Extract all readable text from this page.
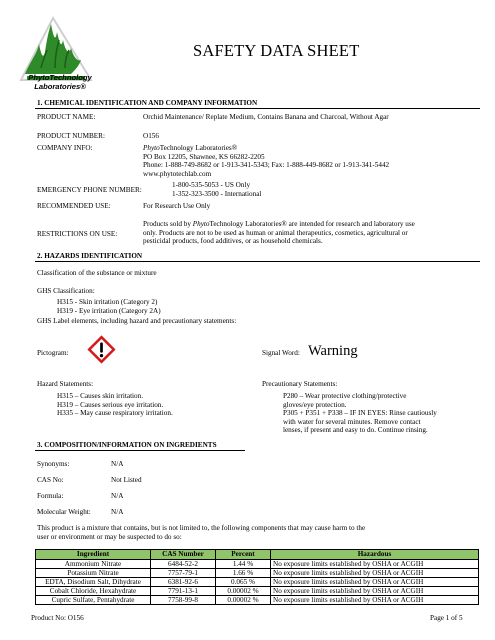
PhytoTechnology
Laboratories®
SAFETY DATA SHEET
1. CHEMICAL IDENTIFICATION AND COMPANY INFORMATION
PRODUCT NAME:	Orchid Maintenance/ Replate Medium, Contains Banana and Charcoal, Without Agar
PRODUCT NUMBER:	O156
COMPANY INFO:	PhytoTechnology Laboratories®
PO Box 12205, Shawnee, KS 66282-2205
Phone: 1-888-749-8682 or 1-913-341-5343; Fax: 1-888-449-8682 or 1-913-341-5442
www.phytotechlab.com
EMERGENCY PHONE NUMBER:
1-800-535-5053 - US Only
1-352-323-3500 - International
RECOMMENDED USE:	For Research Use Only
RESTRICTIONS ON USE:
Products sold by PhytoTechnology Laboratories® are intended for research and laboratory use
only. Products are not to be used as human or animal therapeutics, cosmetics, agricultural or
pesticidal products, food additives, or as household chemicals.
2. HAZARDS IDENTIFICATION
Classification of the substance or mixture
GHS Classification:
H315 - Skin irritation (Category 2)
H319 - Eye irritation (Category 2A)
GHS Label elements, including hazard and precautionary statements:
Pictogram:	Signal Word: Warning
Hazard Statements:
H315 – Causes skin irritation.
H319 – Causes serious eye irritation.
H335 – May cause respiratory irritation.
Precautionary Statements:
P280 – Wear protective clothing/protective
gloves/eye protection.
P305 + P351 + P338 – IF IN EYES: Rinse cautiously
with water for several minutes. Remove contact
lenses, if present and easy to do. Continue rinsing.
3. COMPOSITION/INFORMATION ON INGREDIENTS
Synonyms:	N/A
CAS No:	Not Listed
Formula:	N/A
Molecular Weight:	N/A
This product is a mixture that contains, but is not limited to, the following components that may cause harm to the
user or environment or may be suspected to do so:
Ingredient	CAS Number	Percent	Hazardous
Ammonium Nitrate	6484-52-2	1.44 %	No exposure limits established by OSHA or ACGIH
Potassium Nitrate	7757-79-1	1.66 %	No exposure limits established by OSHA or ACGIH
EDTA, Disodium Salt, Dihydrate	6381-92-6	0.065 %	No exposure limits established by OSHA or ACGIH
Cobalt Chloride, Hexahydrate	7791-13-1	0.00002 %	No exposure limits established by OSHA or ACGIH
Cupric Sulfate, Pentahydrate	7758-99-8	0.00002 %	No exposure limits established by OSHA or ACGIH
Product No: O156	Page 1 of 5
